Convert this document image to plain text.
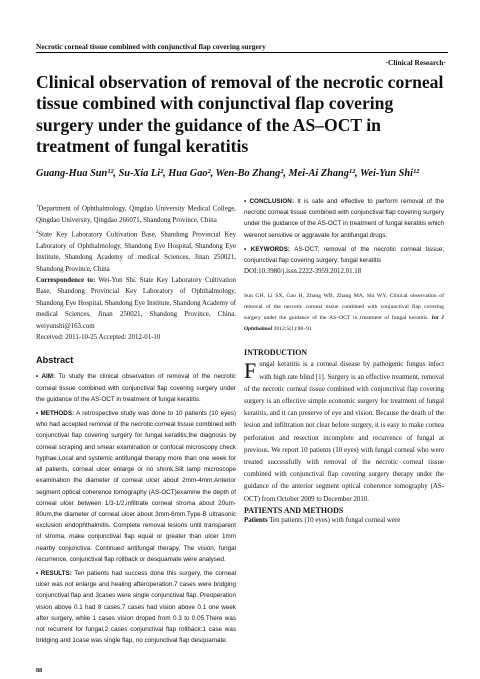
Necrotic corneal tissue combined with conjunctival flap covering surgery
·Clinical Research·
Clinical observation of removal of the necrotic corneal tissue combined with conjunctival flap covering surgery under the guidance of the AS–OCT in treatment of fungal keratitis
Guang-Hua Sun¹², Su-Xia Li², Hua Gao², Wen-Bo Zhang², Mei-Ai Zhang¹², Wei-Yun Shi¹²

$^1$Department of Ophthalmology, Qingdao University Medical College, Qingdao University, Qingdao 266071, Shandong Province, China

$^2$State Key Laboratory Cultivation Base, Shandong Provincial Key Laboratory of Ophthalmology, Shandong Eye Hospital, Shandong Eye Institute, Shandong Academy of medical Sciences, Jinan 250021, Shandong Province, China

Correspondence to: Wei-Yun Shi. State Key Laboratory Cultivation Base, Shandong Provincial Key Laboratory of Ophthalmology, Shandong Eye Hospital, Shandong Eye Institute, Shandong Academy of medical Sciences, Jinan 250021, Shandong Province, China. weiyunshi@163.com

Received: 2011-10-25 Accepted: 2012-01-10

Abstract

• AIM: To study the clinical observation of removal of the necrotic corneal tissue combined with conjunctival flap covering surgery under the guidance of the AS-OCT in treatment of fungal keratitis.

• METHODS: A retrospective study was done to 10 patients (10 eyes) who had accepted removal of the necrotic corneal tissue combined with conjunctival flap covering surgery for fungal keratitis,the diagnosis by corneal scraping and smear examination or confocal microscopy check hyphae.Local and systemic antifungal therapy more than one week for all patients, corneal ulcer enlarge or no shrink.Slit lamp microscope examination the diameter of corneal ulcer about 2mm-4mm.Anterior segment optical coherence tomography (AS-OCT)examine the depth of corneal ulcer between 1/3-1/2,infiltrate corneal stroma about 20um-80um,the diameter of corneal ulcer about 3mm-6mm.Type-B ultrasonic exclusion endophthalmitis. Complete removal lesions until transparent of stroma, make conjunctival flap equal or greater than ulcer 1mm nearby conjunctiva. Continued antifungal therapy. The vision, fungal recurrence, conjunctival flap rollback or desquamate were analysed.

• RESULTS: Ten patients had success done this surgery, the corneal ulcer was not enlarge and healing afteroperation.7 cases were bridging conjunctival flap and 3cases were single conjunctival flap. Preoperation vision above 0.1 had 8 cases,7 cases had vision above 0.1 one week after surgery, while 1 cases vision droped from 0.3 to 0.05.There was not recurrent for fungal,2 cases conjunctival flap rollback:1 case was bridging and 1case was single flap, no conjunctival flap desquamate.

• CONCLUSION: It is safe and effective to perform removal of the necrotic corneal tissue combined with conjunctival flap covering surgery under the guidance of the AS-OCT in treatment of fungal keratitis which werenot sensitive or aggravate for antifungal drugs.

• KEYWORDS: AS-OCT; removal of the necrotic corneal tissue; conjunctival flap covering surgery; fungal keratitis

DOI:10.3980/j.issn.2222-3959.2012.01.18

Sun GH, Li SX, Gao H, Zhang WB, Zhang MA, Shi WY. Clinical observation of removal of the necrotic corneal tissue combined with conjunctival flap covering surgery under the guidance of the AS–OCT in treatment of fungal keratitis. Int J Ophthalmol 2012;5(1):88–91

INTRODUCTION

Fungal keratitis is a corneal disease by pathogenic fungus infect with high rate blind [1]. Surgery is an effective treatment, removal of the necrotic corneal tissue combined with conjunctival flap covering surgery is an effective simple economic surgery for treatment of fungal keratitis, and it can preserve of eye and vision. Because the death of the lesion and infiltration not clear before surgery, it is easy to make cornea perforation and resection incomplete and recurrence of fungal at previous. We report 10 patients (10 eyes) with fungal corneal who were treated successfully with removal of the necrotic corneal tissue combined with conjunctival flap covering surgery therapy under the guidance of the anterior segment optical coherence tomography (AS-OCT) from October 2009 to December 2010.

PATIENTS AND METHODS

Patients Ten patients (10 eyes) with fungal corneal were

88
